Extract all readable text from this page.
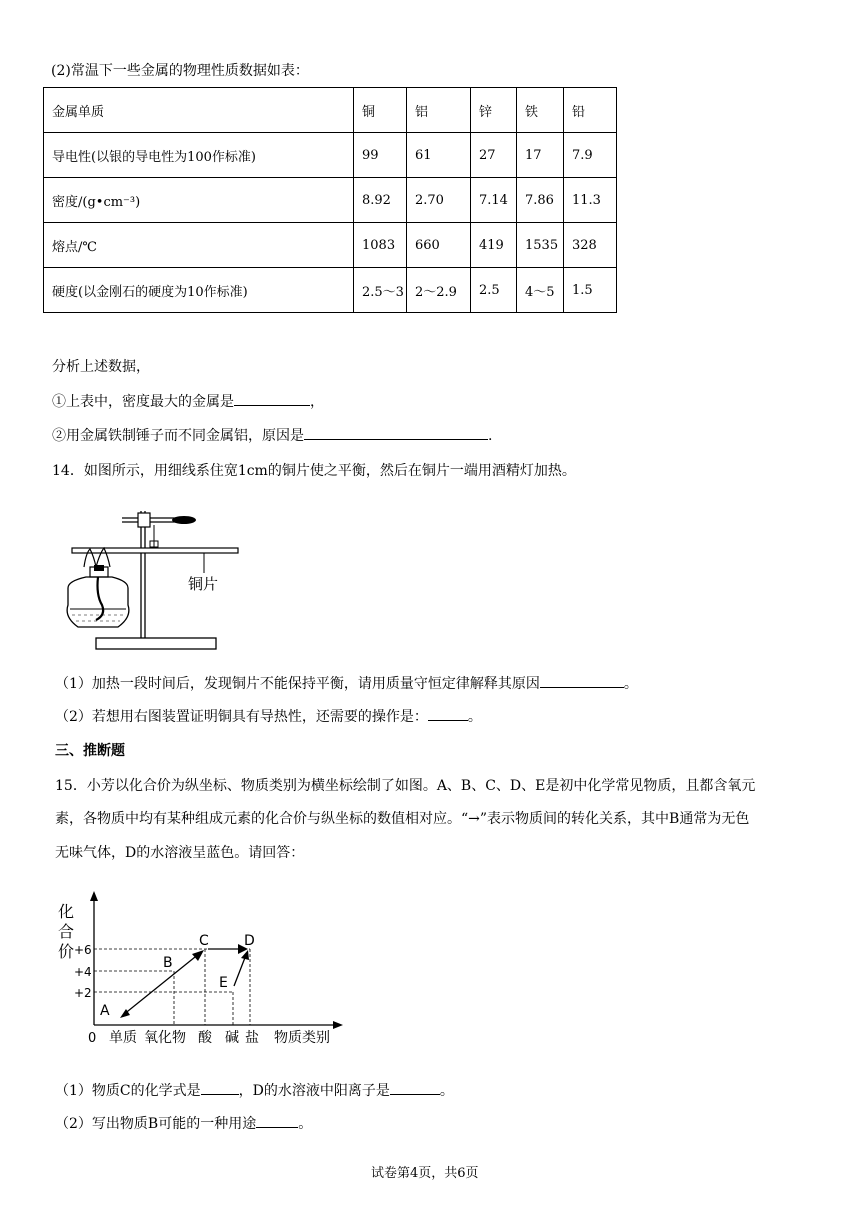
(2)常温下一些金属的物理性质数据如表：
金属单质	铜	铝	锌	铁	铅
导电性(以银的导电性为100作标准)	99	61	27	17	7.9
密度/(g•cm⁻³)	8.92	2.70	7.14	7.86	11.3
熔点/℃	1083	660	419	1535	328
硬度(以金刚石的硬度为10作标准)	2.5～3	2～2.9	2.5	4～5	1.5
分析上述数据，
①上表中，密度最大的金属是	，
②用金属铁制锤子而不同金属铝，原因是	.
14．如图所示，用细线系住宽1cm的铜片使之平衡，然后在铜片一端用酒精灯加热。
铜片
（1）加热一段时间后，发现铜片不能保持平衡，请用质量守恒定律解释其原因	。
（2）若想用右图装置证明铜具有导热性，还需要的操作是：	。
三、推断题
15．小芳以化合价为纵坐标、物质类别为横坐标绘制了如图。A、B、C、D、E是初中化学常见物质，且都含氧元
素，各物质中均有某种组成元素的化合价与纵坐标的数值相对应。“→”表示物质间的转化关系，其中B通常为无色
无味气体，D的水溶液呈蓝色。请回答：
化
合
价 +6
+4
+2
A
B
C	D
E
0 单质 氧化物 酸 碱 盐 物质类别
（1）物质C的化学式是	，D的水溶液中阳离子是	。
（2）写出物质B可能的一种用途	。
试卷第4页，共6页
